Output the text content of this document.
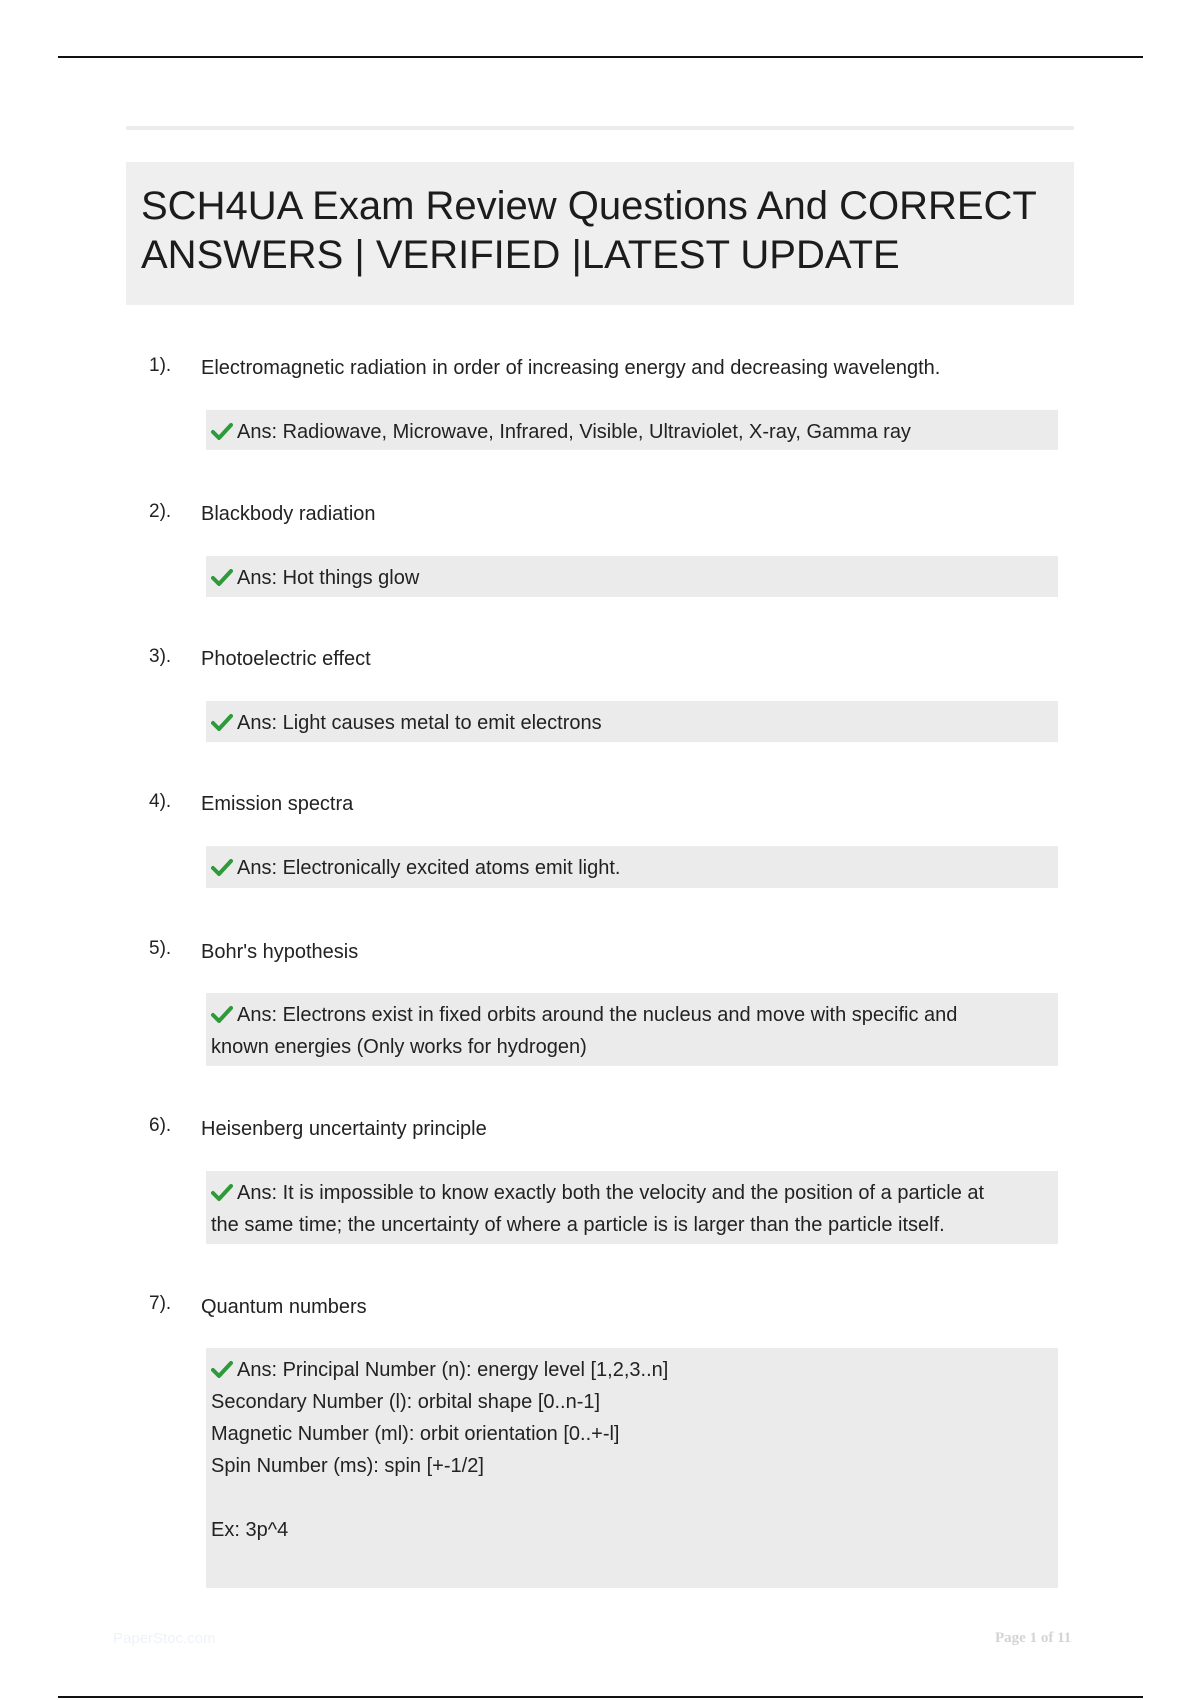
SCH4UA Exam Review Questions And CORRECT
ANSWERS | VERIFIED |LATEST UPDATE
1). Electromagnetic radiation in order of increasing energy and decreasing wavelength.
Ans: Radiowave, Microwave, Infrared, Visible, Ultraviolet, X-ray, Gamma ray
2). Blackbody radiation
Ans: Hot things glow
3). Photoelectric effect
Ans: Light causes metal to emit electrons
4). Emission spectra
Ans: Electronically excited atoms emit light.
5). Bohr's hypothesis
Ans: Electrons exist in fixed orbits around the nucleus and move with specific and
known energies (Only works for hydrogen)
6). Heisenberg uncertainty principle
Ans: It is impossible to know exactly both the velocity and the position of a particle at
the same time; the uncertainty of where a particle is is larger than the particle itself.
7). Quantum numbers
Ans: Principal Number (n): energy level [1,2,3..n]
Secondary Number (l): orbital shape [0..n-1]
Magnetic Number (ml): orbit orientation [0..+-l]
Spin Number (ms): spin [+-1/2]
Ex: 3p^4
PaperStoc.com	Page 1 of 11
